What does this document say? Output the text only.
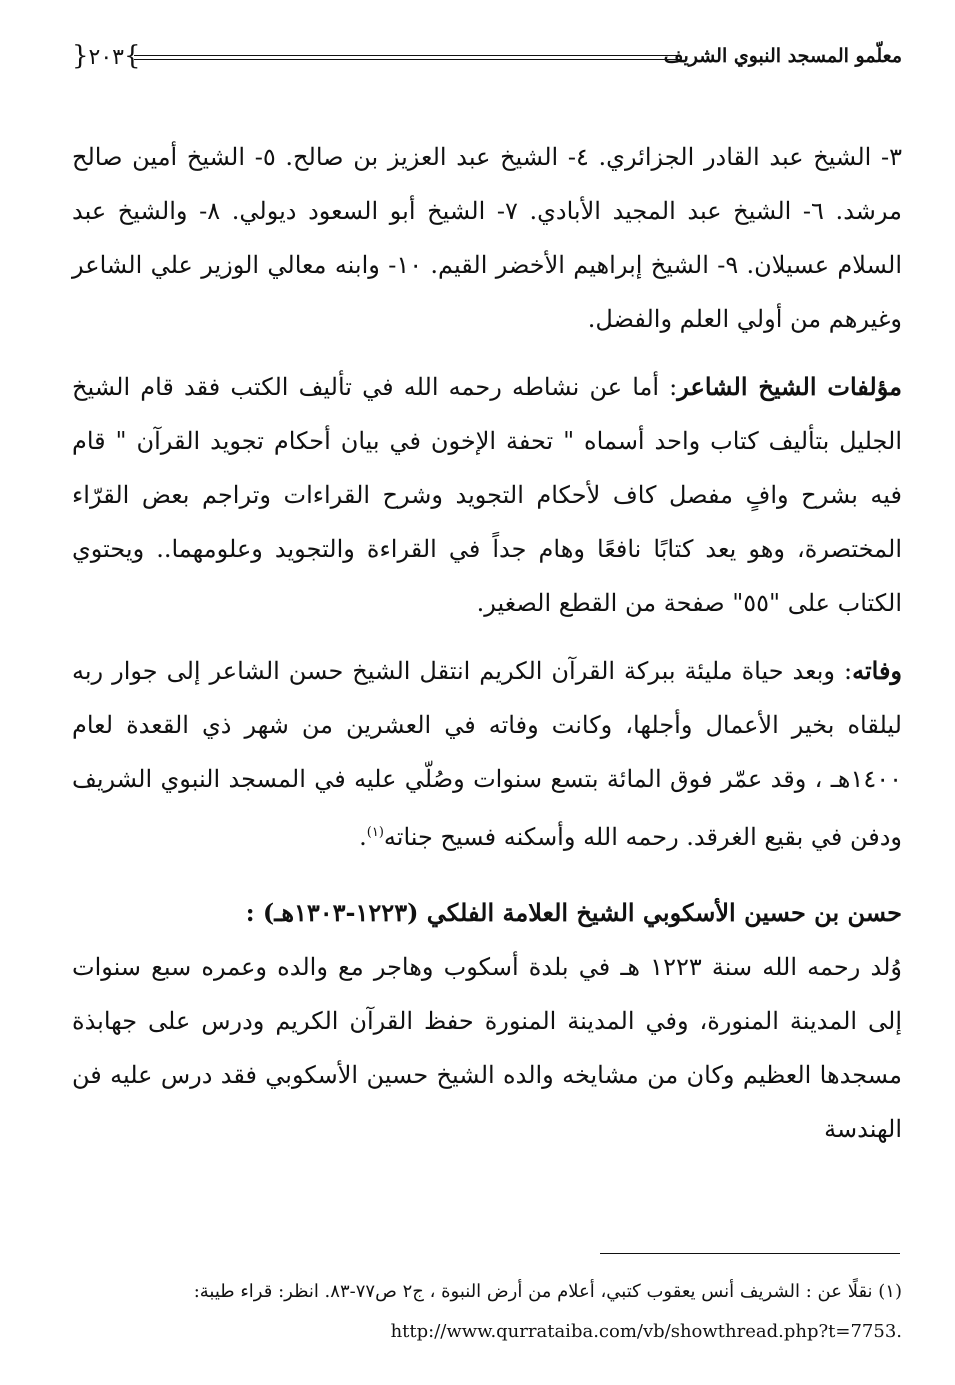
}٢٠٣{	معلّمو المسجد النبوي الشريف

٣- الشيخ عبد القادر الجزائري. ٤- الشيخ عبد العزيز بن صالح. ٥- الشيخ أمين صالح مرشد. ٦- الشيخ عبد المجيد الأبادي. ٧- الشيخ أبو السعود ديولي. ٨- والشيخ عبد السلام عسيلان. ٩- الشيخ إبراهيم الأخضر القيم. ١٠- وابنه معالي الوزير علي الشاعر وغيرهم من أولي العلم والفضل.

مؤلفات الشيخ الشاعر: أما عن نشاطه رحمه الله في تأليف الكتب فقد قام الشيخ الجليل بتأليف كتاب واحد أسماه " تحفة الإخون في بيان أحكام تجويد القرآن " قام فيه بشرح وافٍ مفصل كاف لأحكام التجويد وشرح القراءات وتراجم بعض القرّاء المختصرة، وهو يعد كتابًا نافعًا وهام جداً في القراءة والتجويد وعلومهما.. ويحتوي الكتاب على "٥٥" صفحة من القطع الصغير.

وفاته: وبعد حياة مليئة ببركة القرآن الكريم انتقل الشيخ حسن الشاعر إلى جوار ربه ليلقاه بخير الأعمال وأجلها، وكانت وفاته في العشرين من شهر ذي القعدة لعام ١٤٠٠هـ ، وقد عمّر فوق المائة بتسع سنوات وصُلّي عليه في المسجد النبوي الشريف ودفن في بقيع الغرقد. رحمه الله وأسكنه فسيح جناته$^{(١)}$.

حسن بن حسين الأسكوبي الشيخ العلامة الفلكي (١٢٢٣-١٣٠٣هـ) :

وُلد رحمه الله سنة ١٢٢٣ هـ في بلدة أسكوب وهاجر مع والده وعمره سبع سنوات إلى المدينة المنورة، وفي المدينة المنورة حفظ القرآن الكريم ودرس على جهابذة مسجدها العظيم وكان من مشايخه والده الشيخ حسين الأسكوبي فقد درس عليه فن الهندسة

(١) نقلًا عن : الشريف أنس يعقوب كتبي، أعلام من أرض النبوة ، ج٢ ص٧٧-٨٣. انظر: قراء طيبة:
.http://www.qurrataiba.com/vb/showthread.php?t=7753
